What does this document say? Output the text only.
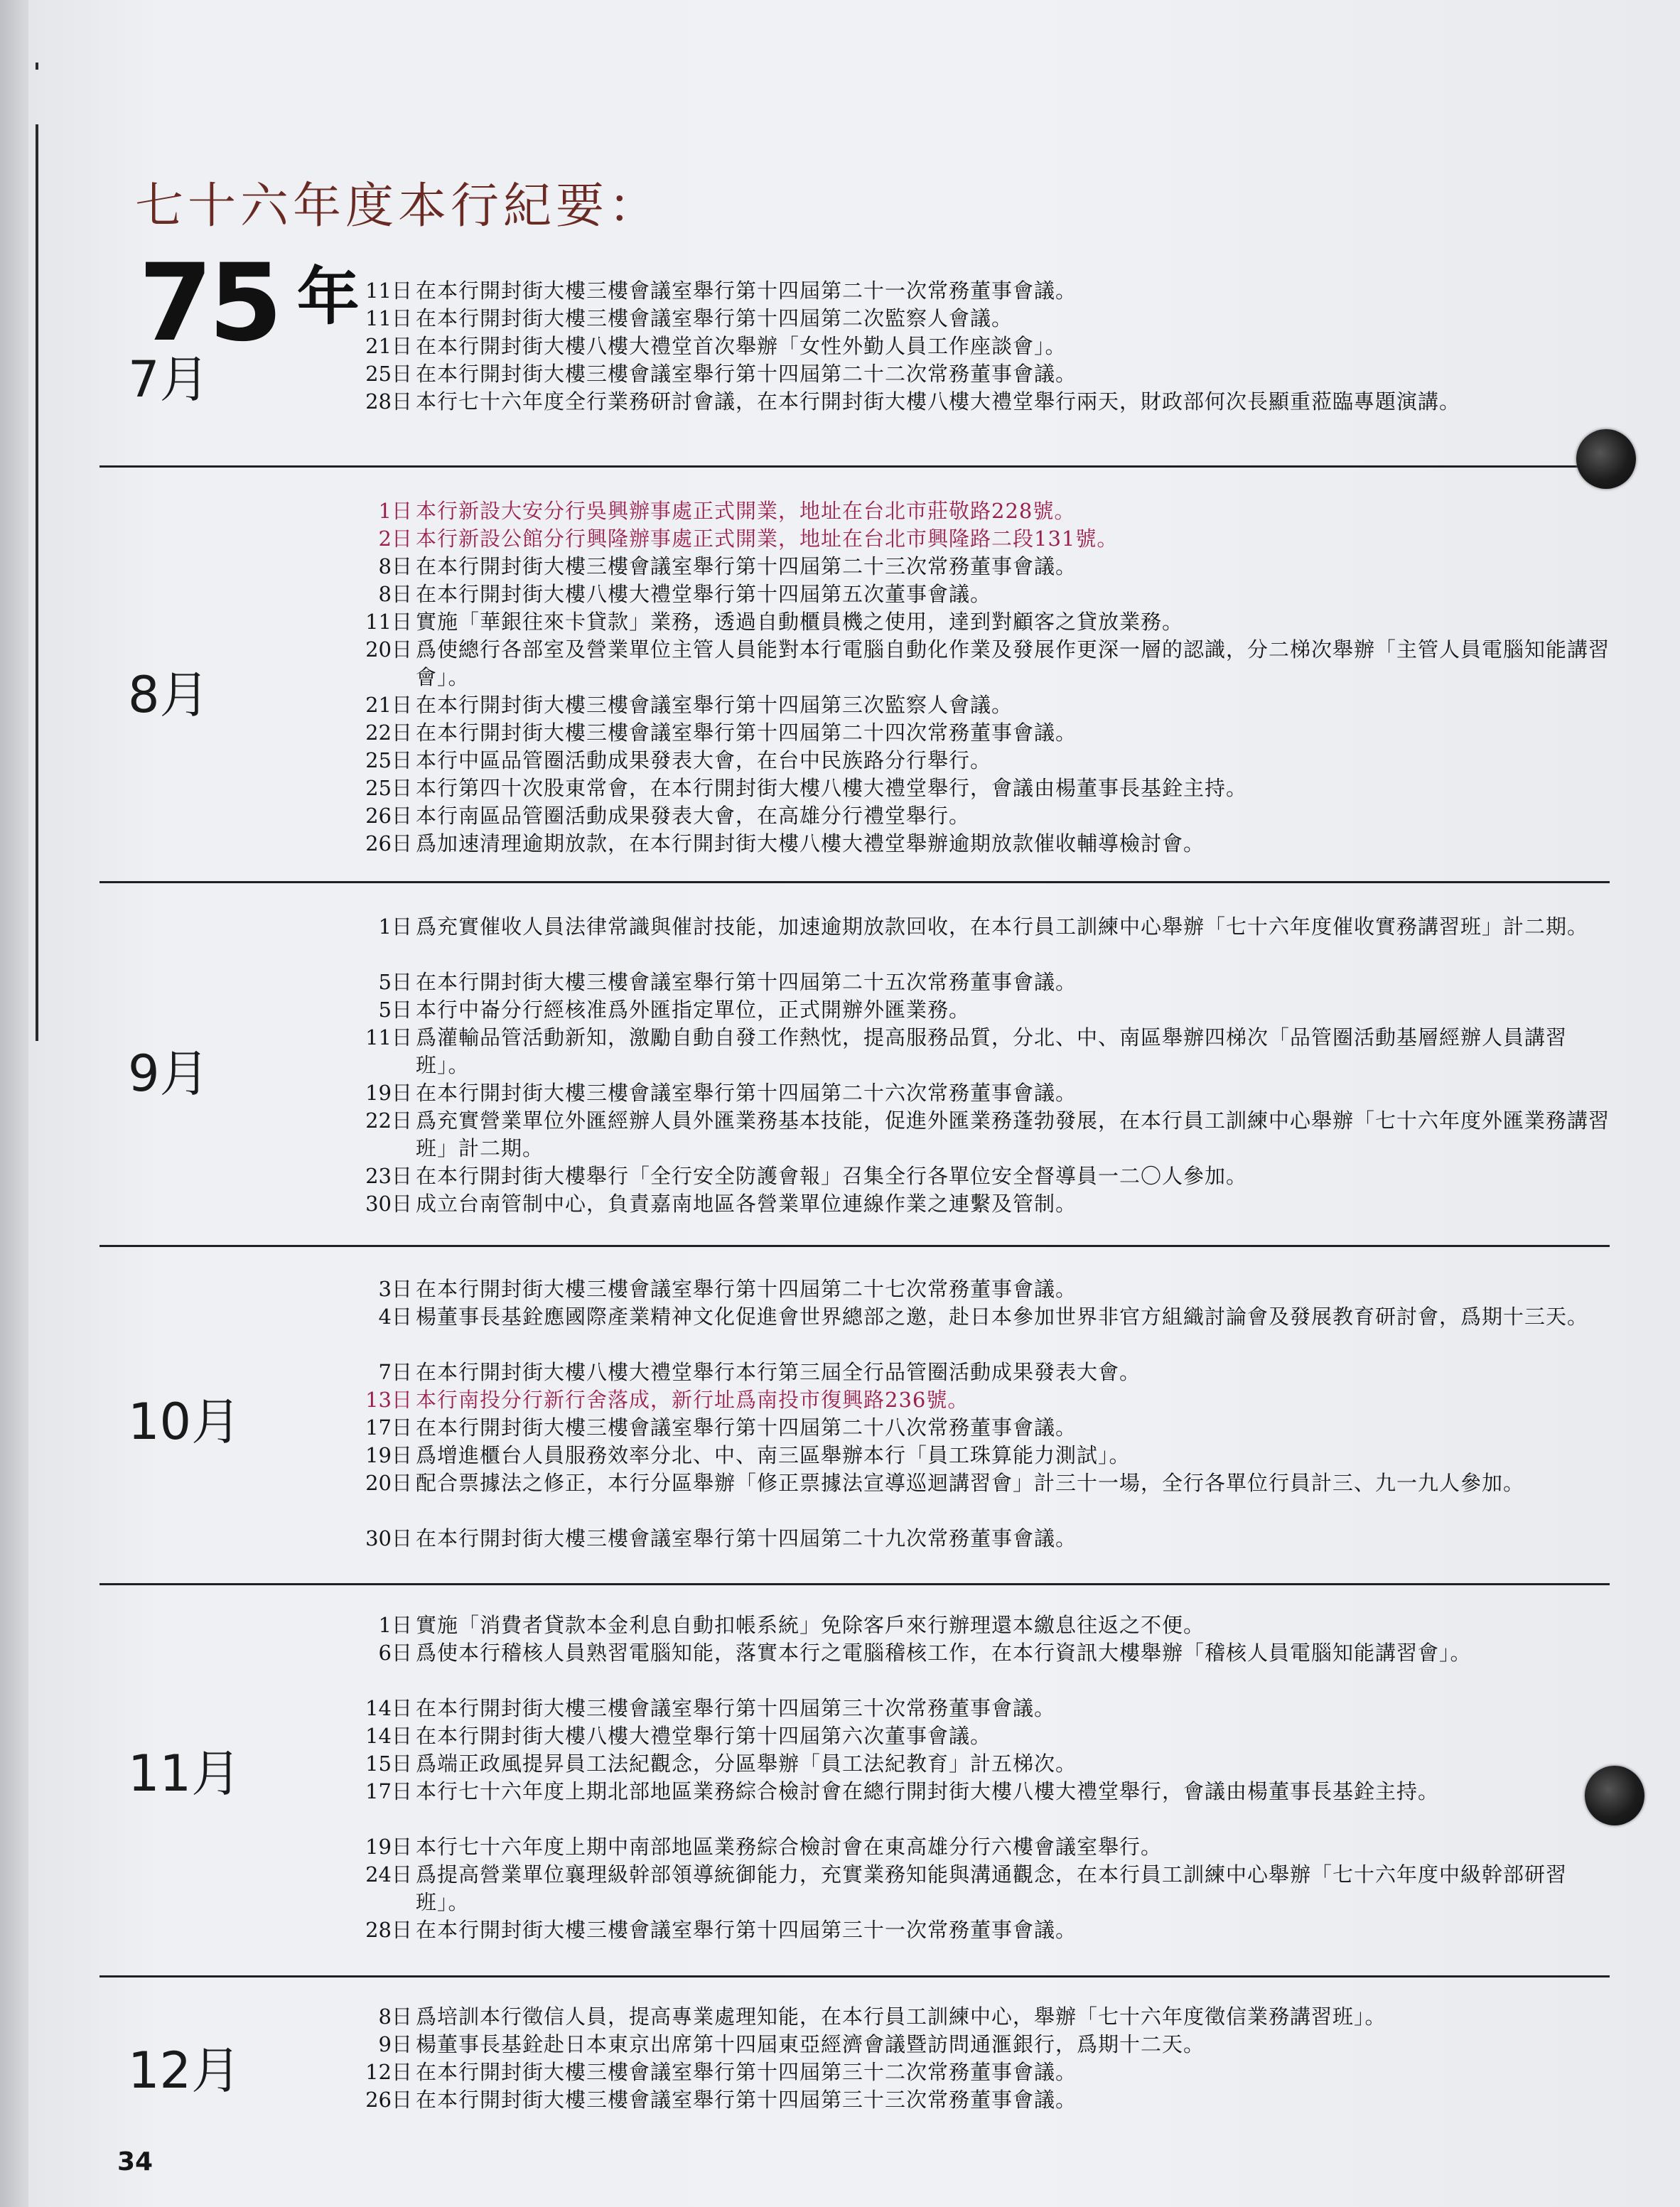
七十六年度本行紀要：
75 年
7月
11日 在本行開封街大樓三樓會議室舉行第十四屆第二十一次常務董事會議。
11日 在本行開封街大樓三樓會議室舉行第十四屆第二次監察人會議。
21日 在本行開封街大樓八樓大禮堂首次舉辦「女性外勤人員工作座談會」。
25日 在本行開封街大樓三樓會議室舉行第十四屆第二十二次常務董事會議。
28日 本行七十六年度全行業務研討會議，在本行開封街大樓八樓大禮堂舉行兩天，財政部何次長顯重蒞臨專題演講。
8月
1日 本行新設大安分行吳興辦事處正式開業，地址在台北市莊敬路228號。
2日 本行新設公館分行興隆辦事處正式開業，地址在台北市興隆路二段131號。
8日 在本行開封街大樓三樓會議室舉行第十四屆第二十三次常務董事會議。
8日 在本行開封街大樓八樓大禮堂舉行第十四屆第五次董事會議。
11日 實施「華銀往來卡貸款」業務，透過自動櫃員機之使用，達到對顧客之貸放業務。
20日 爲使總行各部室及營業單位主管人員能對本行電腦自動化作業及發展作更深一層的認識，分二梯次舉辦「主管人員電腦知能講習會」。
21日 在本行開封街大樓三樓會議室舉行第十四屆第三次監察人會議。
22日 在本行開封街大樓三樓會議室舉行第十四屆第二十四次常務董事會議。
25日 本行中區品管圈活動成果發表大會，在台中民族路分行舉行。
25日 本行第四十次股東常會，在本行開封街大樓八樓大禮堂舉行，會議由楊董事長基銓主持。
26日 本行南區品管圈活動成果發表大會，在高雄分行禮堂舉行。
26日 爲加速清理逾期放款，在本行開封街大樓八樓大禮堂舉辦逾期放款催收輔導檢討會。
9月
1日 爲充實催收人員法律常識與催討技能，加速逾期放款回收，在本行員工訓練中心舉辦「七十六年度催收實務講習班」計二期。
5日 在本行開封街大樓三樓會議室舉行第十四屆第二十五次常務董事會議。
5日 本行中崙分行經核准爲外匯指定單位，正式開辦外匯業務。
11日 爲灌輸品管活動新知，激勵自動自發工作熱忱，提高服務品質，分北、中、南區舉辦四梯次「品管圈活動基層經辦人員講習班」。
19日 在本行開封街大樓三樓會議室舉行第十四屆第二十六次常務董事會議。
22日 爲充實營業單位外匯經辦人員外匯業務基本技能，促進外匯業務蓬勃發展，在本行員工訓練中心舉辦「七十六年度外匯業務講習班」計二期。
23日 在本行開封街大樓舉行「全行安全防護會報」召集全行各單位安全督導員一二〇人參加。
30日 成立台南管制中心，負責嘉南地區各營業單位連線作業之連繫及管制。
10月
3日 在本行開封街大樓三樓會議室舉行第十四屆第二十七次常務董事會議。
4日 楊董事長基銓應國際產業精神文化促進會世界總部之邀，赴日本參加世界非官方組織討論會及發展教育研討會，爲期十三天。
7日 在本行開封街大樓八樓大禮堂舉行本行第三屆全行品管圈活動成果發表大會。
13日 本行南投分行新行舍落成，新行址爲南投市復興路236號。
17日 在本行開封街大樓三樓會議室舉行第十四屆第二十八次常務董事會議。
19日 爲增進櫃台人員服務效率分北、中、南三區舉辦本行「員工珠算能力測試」。
20日 配合票據法之修正，本行分區舉辦「修正票據法宣導巡迴講習會」計三十一場，全行各單位行員計三、九一九人參加。
30日 在本行開封街大樓三樓會議室舉行第十四屆第二十九次常務董事會議。
11月
1日 實施「消費者貸款本金利息自動扣帳系統」免除客戶來行辦理還本繳息往返之不便。
6日 爲使本行稽核人員熟習電腦知能，落實本行之電腦稽核工作，在本行資訊大樓舉辦「稽核人員電腦知能講習會」。
14日 在本行開封街大樓三樓會議室舉行第十四屆第三十次常務董事會議。
14日 在本行開封街大樓八樓大禮堂舉行第十四屆第六次董事會議。
15日 爲端正政風提昇員工法紀觀念，分區舉辦「員工法紀教育」計五梯次。
17日 本行七十六年度上期北部地區業務綜合檢討會在總行開封街大樓八樓大禮堂舉行，會議由楊董事長基銓主持。
19日 本行七十六年度上期中南部地區業務綜合檢討會在東高雄分行六樓會議室舉行。
24日 爲提高營業單位襄理級幹部領導統御能力，充實業務知能與溝通觀念，在本行員工訓練中心舉辦「七十六年度中級幹部研習班」。
28日 在本行開封街大樓三樓會議室舉行第十四屆第三十一次常務董事會議。
12月
8日 爲培訓本行徵信人員，提高專業處理知能，在本行員工訓練中心，舉辦「七十六年度徵信業務講習班」。
9日 楊董事長基銓赴日本東京出席第十四屆東亞經濟會議暨訪問通滙銀行，爲期十二天。
12日 在本行開封街大樓三樓會議室舉行第十四屆第三十二次常務董事會議。
26日 在本行開封街大樓三樓會議室舉行第十四屆第三十三次常務董事會議。
34
